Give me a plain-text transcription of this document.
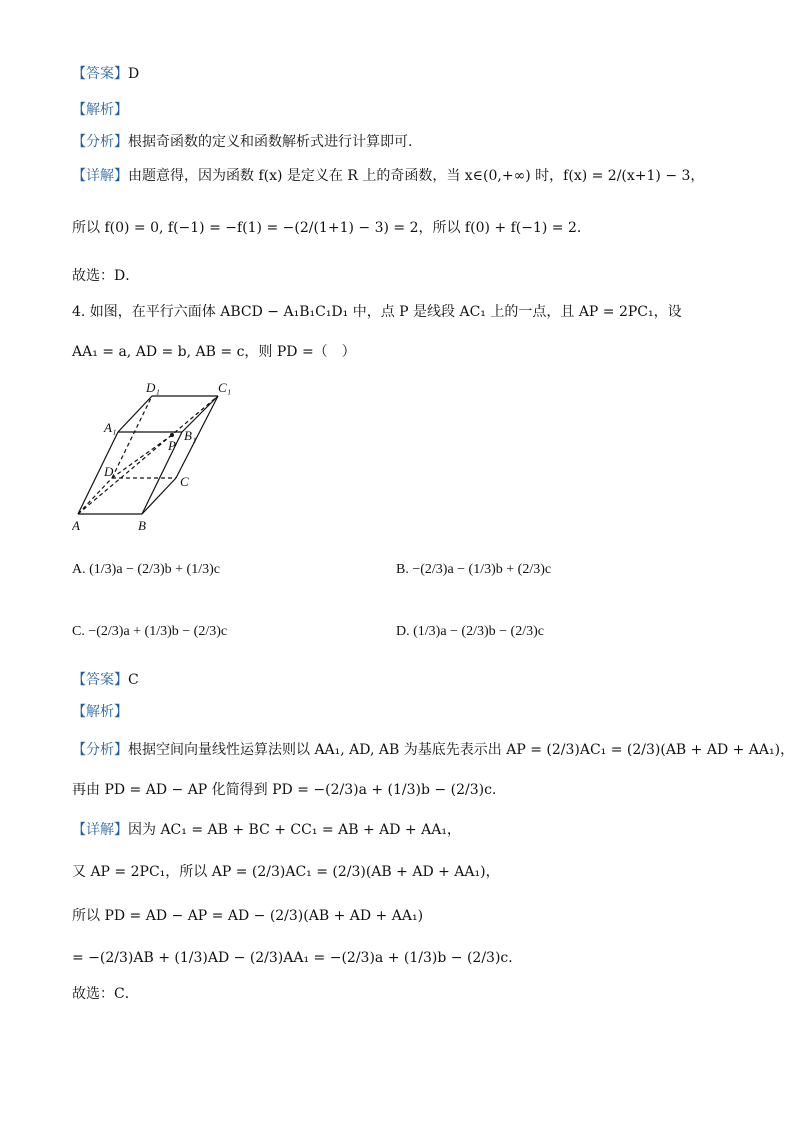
【答案】D
【解析】
【分析】根据奇函数的定义和函数解析式进行计算即可.
【详解】由题意得，因为函数 f(x) 是定义在 R 上的奇函数，当 x∈(0,+∞) 时，f(x) = 2/(x+1) − 3，
所以 f(0) = 0, f(−1) = −f(1) = −(2/(1+1) − 3) = 2，所以 f(0) + f(−1) = 2．
故选：D．
4. 如图，在平行六面体 ABCD − A₁B₁C₁D₁ 中，点 P 是线段 AC₁ 上的一点，且 AP = 2PC₁，设
AA₁ = a, AD = b, AB = c，则 PD =（　）
D₁	C₁
A₁
B₁
P
D
C
A	B
A. (1/3)a − (2/3)b + (1/3)c	B. −(2/3)a − (1/3)b + (2/3)c
C. −(2/3)a + (1/3)b − (2/3)c	D. (1/3)a − (2/3)b − (2/3)c
【答案】C
【解析】
【分析】根据空间向量线性运算法则以 AA₁, AD, AB 为基底先表示出 AP = (2/3)AC₁ = (2/3)(AB + AD + AA₁)，
再由 PD = AD − AP 化简得到 PD = −(2/3)a + (1/3)b − (2/3)c.
【详解】因为 AC₁ = AB + BC + CC₁ = AB + AD + AA₁，
又 AP = 2PC₁，所以 AP = (2/3)AC₁ = (2/3)(AB + AD + AA₁)，
所以 PD = AD − AP = AD − (2/3)(AB + AD + AA₁)
= −(2/3)AB + (1/3)AD − (2/3)AA₁ = −(2/3)a + (1/3)b − (2/3)c．
故选：C．
